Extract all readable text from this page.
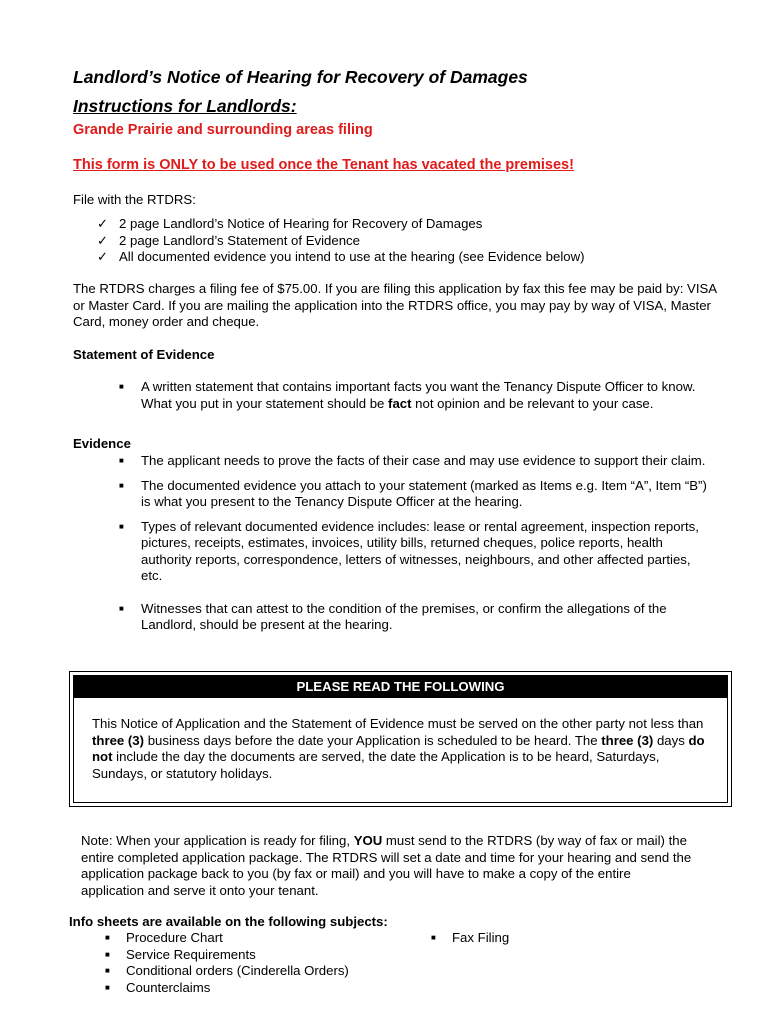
Landlord’s Notice of Hearing for Recovery of Damages
Instructions for Landlords:
Grande Prairie and surrounding areas filing
This form is ONLY to be used once the Tenant has vacated the premises!
File with the RTDRS:
✓ 2 page Landlord’s Notice of Hearing for Recovery of Damages
✓ 2 page Landlord’s Statement of Evidence
✓ All documented evidence you intend to use at the hearing (see Evidence below)
The RTDRS charges a filing fee of $75.00. If you are filing this application by fax this fee may be paid by: VISA or Master Card. If you are mailing the application into the RTDRS office, you may pay by way of VISA, Master Card, money order and cheque.
Statement of Evidence
■ A written statement that contains important facts you want the Tenancy Dispute Officer to know. What you put in your statement should be fact not opinion and be relevant to your case.
Evidence
■ The applicant needs to prove the facts of their case and may use evidence to support their claim.
■ The documented evidence you attach to your statement (marked as Items e.g. Item “A”, Item “B”) is what you present to the Tenancy Dispute Officer at the hearing.
■ Types of relevant documented evidence includes: lease or rental agreement, inspection reports, pictures, receipts, estimates, invoices, utility bills, returned cheques, police reports, health authority reports, correspondence, letters of witnesses, neighbours, and other affected parties, etc.
■ Witnesses that can attest to the condition of the premises, or confirm the allegations of the Landlord, should be present at the hearing.
PLEASE READ THE FOLLOWING
This Notice of Application and the Statement of Evidence must be served on the other party not less than three (3) business days before the date your Application is scheduled to be heard. The three (3) days do not include the day the documents are served, the date the Application is to be heard, Saturdays, Sundays, or statutory holidays.
Note: When your application is ready for filing, YOU must send to the RTDRS (by way of fax or mail) the entire completed application package. The RTDRS will set a date and time for your hearing and send the application package back to you (by fax or mail) and you will have to make a copy of the entire application and serve it onto your tenant.
Info sheets are available on the following subjects:
■ Procedure Chart
■ Service Requirements
■ Conditional orders (Cinderella Orders)
■ Counterclaims
■ Fax Filing
